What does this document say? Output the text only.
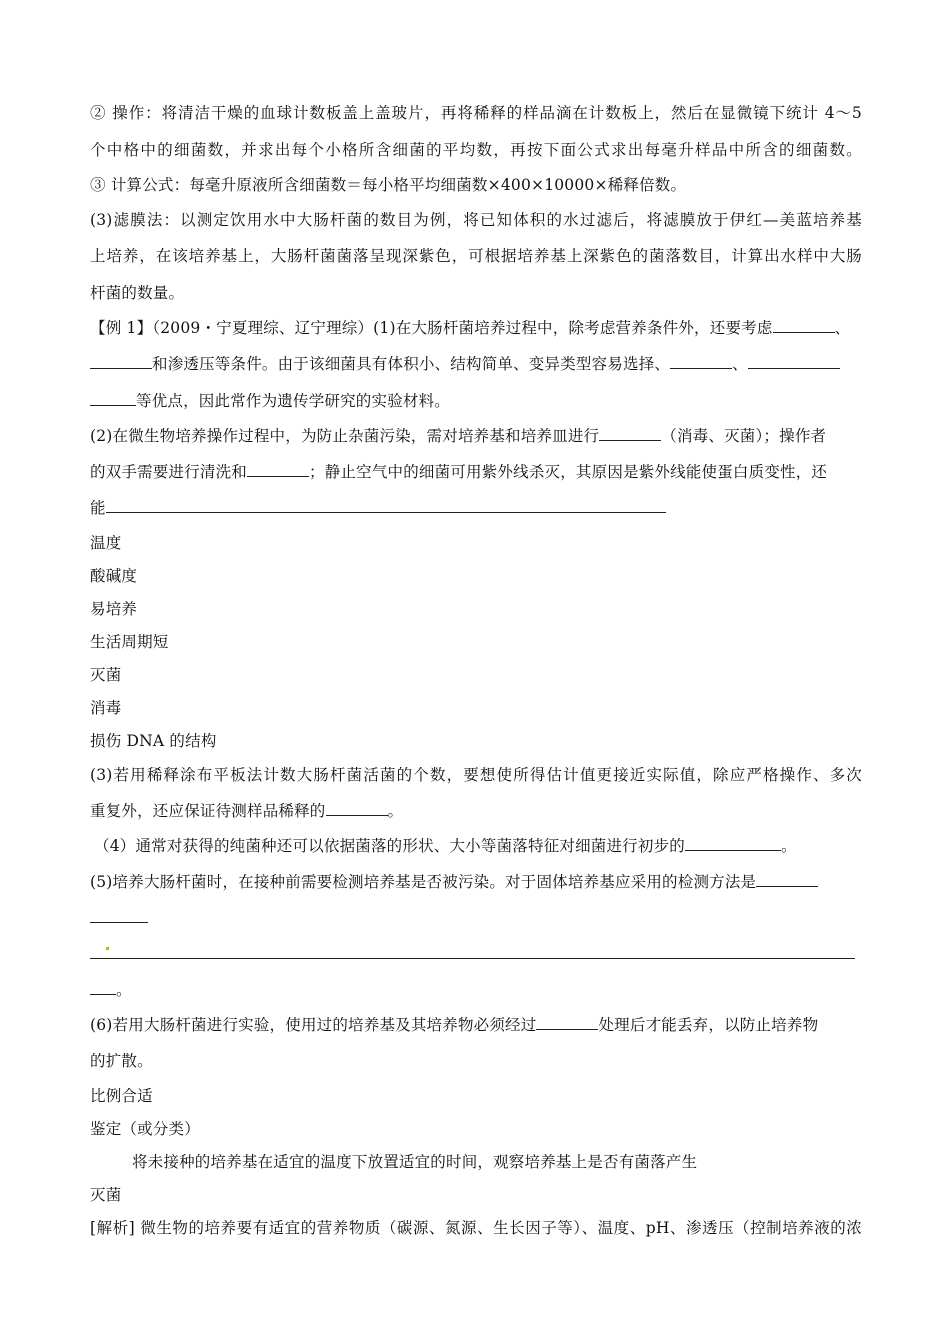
② 操作：将清洁干燥的血球计数板盖上盖玻片，再将稀释的样品滴在计数板上，然后在显微镜下统计 4～5
个中格中的细菌数，并求出每个小格所含细菌的平均数，再按下面公式求出每毫升样品中所含的细菌数。
③ 计算公式：每毫升原液所含细菌数＝每小格平均细菌数×400×10000×稀释倍数。
(3)滤膜法：以测定饮用水中大肠杆菌的数目为例，将已知体积的水过滤后，将滤膜放于伊红—美蓝培养基
上培养，在该培养基上，大肠杆菌菌落呈现深紫色，可根据培养基上深紫色的菌落数目，计算出水样中大肠
杆菌的数量。
【例 1】（2009・宁夏理综、辽宁理综）(1)在大肠杆菌培养过程中，除考虑营养条件外，还要考虑	、
和渗透压等条件。由于该细菌具有体积小、结构简单、变异类型容易选择、	、
等优点，因此常作为遗传学研究的实验材料。
(2)在微生物培养操作过程中，为防止杂菌污染，需对培养基和培养皿进行	（消毒、灭菌）；操作者
的双手需要进行清洗和	；静止空气中的细菌可用紫外线杀灭，其原因是紫外线能使蛋白质变性，还
能
温度
酸碱度
易培养
生活周期短
灭菌
消毒
损伤 DNA 的结构
(3)若用稀释涂布平板法计数大肠杆菌活菌的个数，要想使所得估计值更接近实际值，除应严格操作、多次
重复外，还应保证待测样品稀释的	。
（4）通常对获得的纯菌种还可以依据菌落的形状、大小等菌落特征对细菌进行初步的	。
(5)培养大肠杆菌时，在接种前需要检测培养基是否被污染。对于固体培养基应采用的检测方法是
。
(6)若用大肠杆菌进行实验，使用过的培养基及其培养物必须经过	处理后才能丢弃，以防止培养物
的扩散。
比例合适
鉴定（或分类）
将未接种的培养基在适宜的温度下放置适宜的时间，观察培养基上是否有菌落产生
灭菌
[解析] 微生物的培养要有适宜的营养物质（碳源、氮源、生长因子等）、温度、pH、渗透压（控制培养液的浓
